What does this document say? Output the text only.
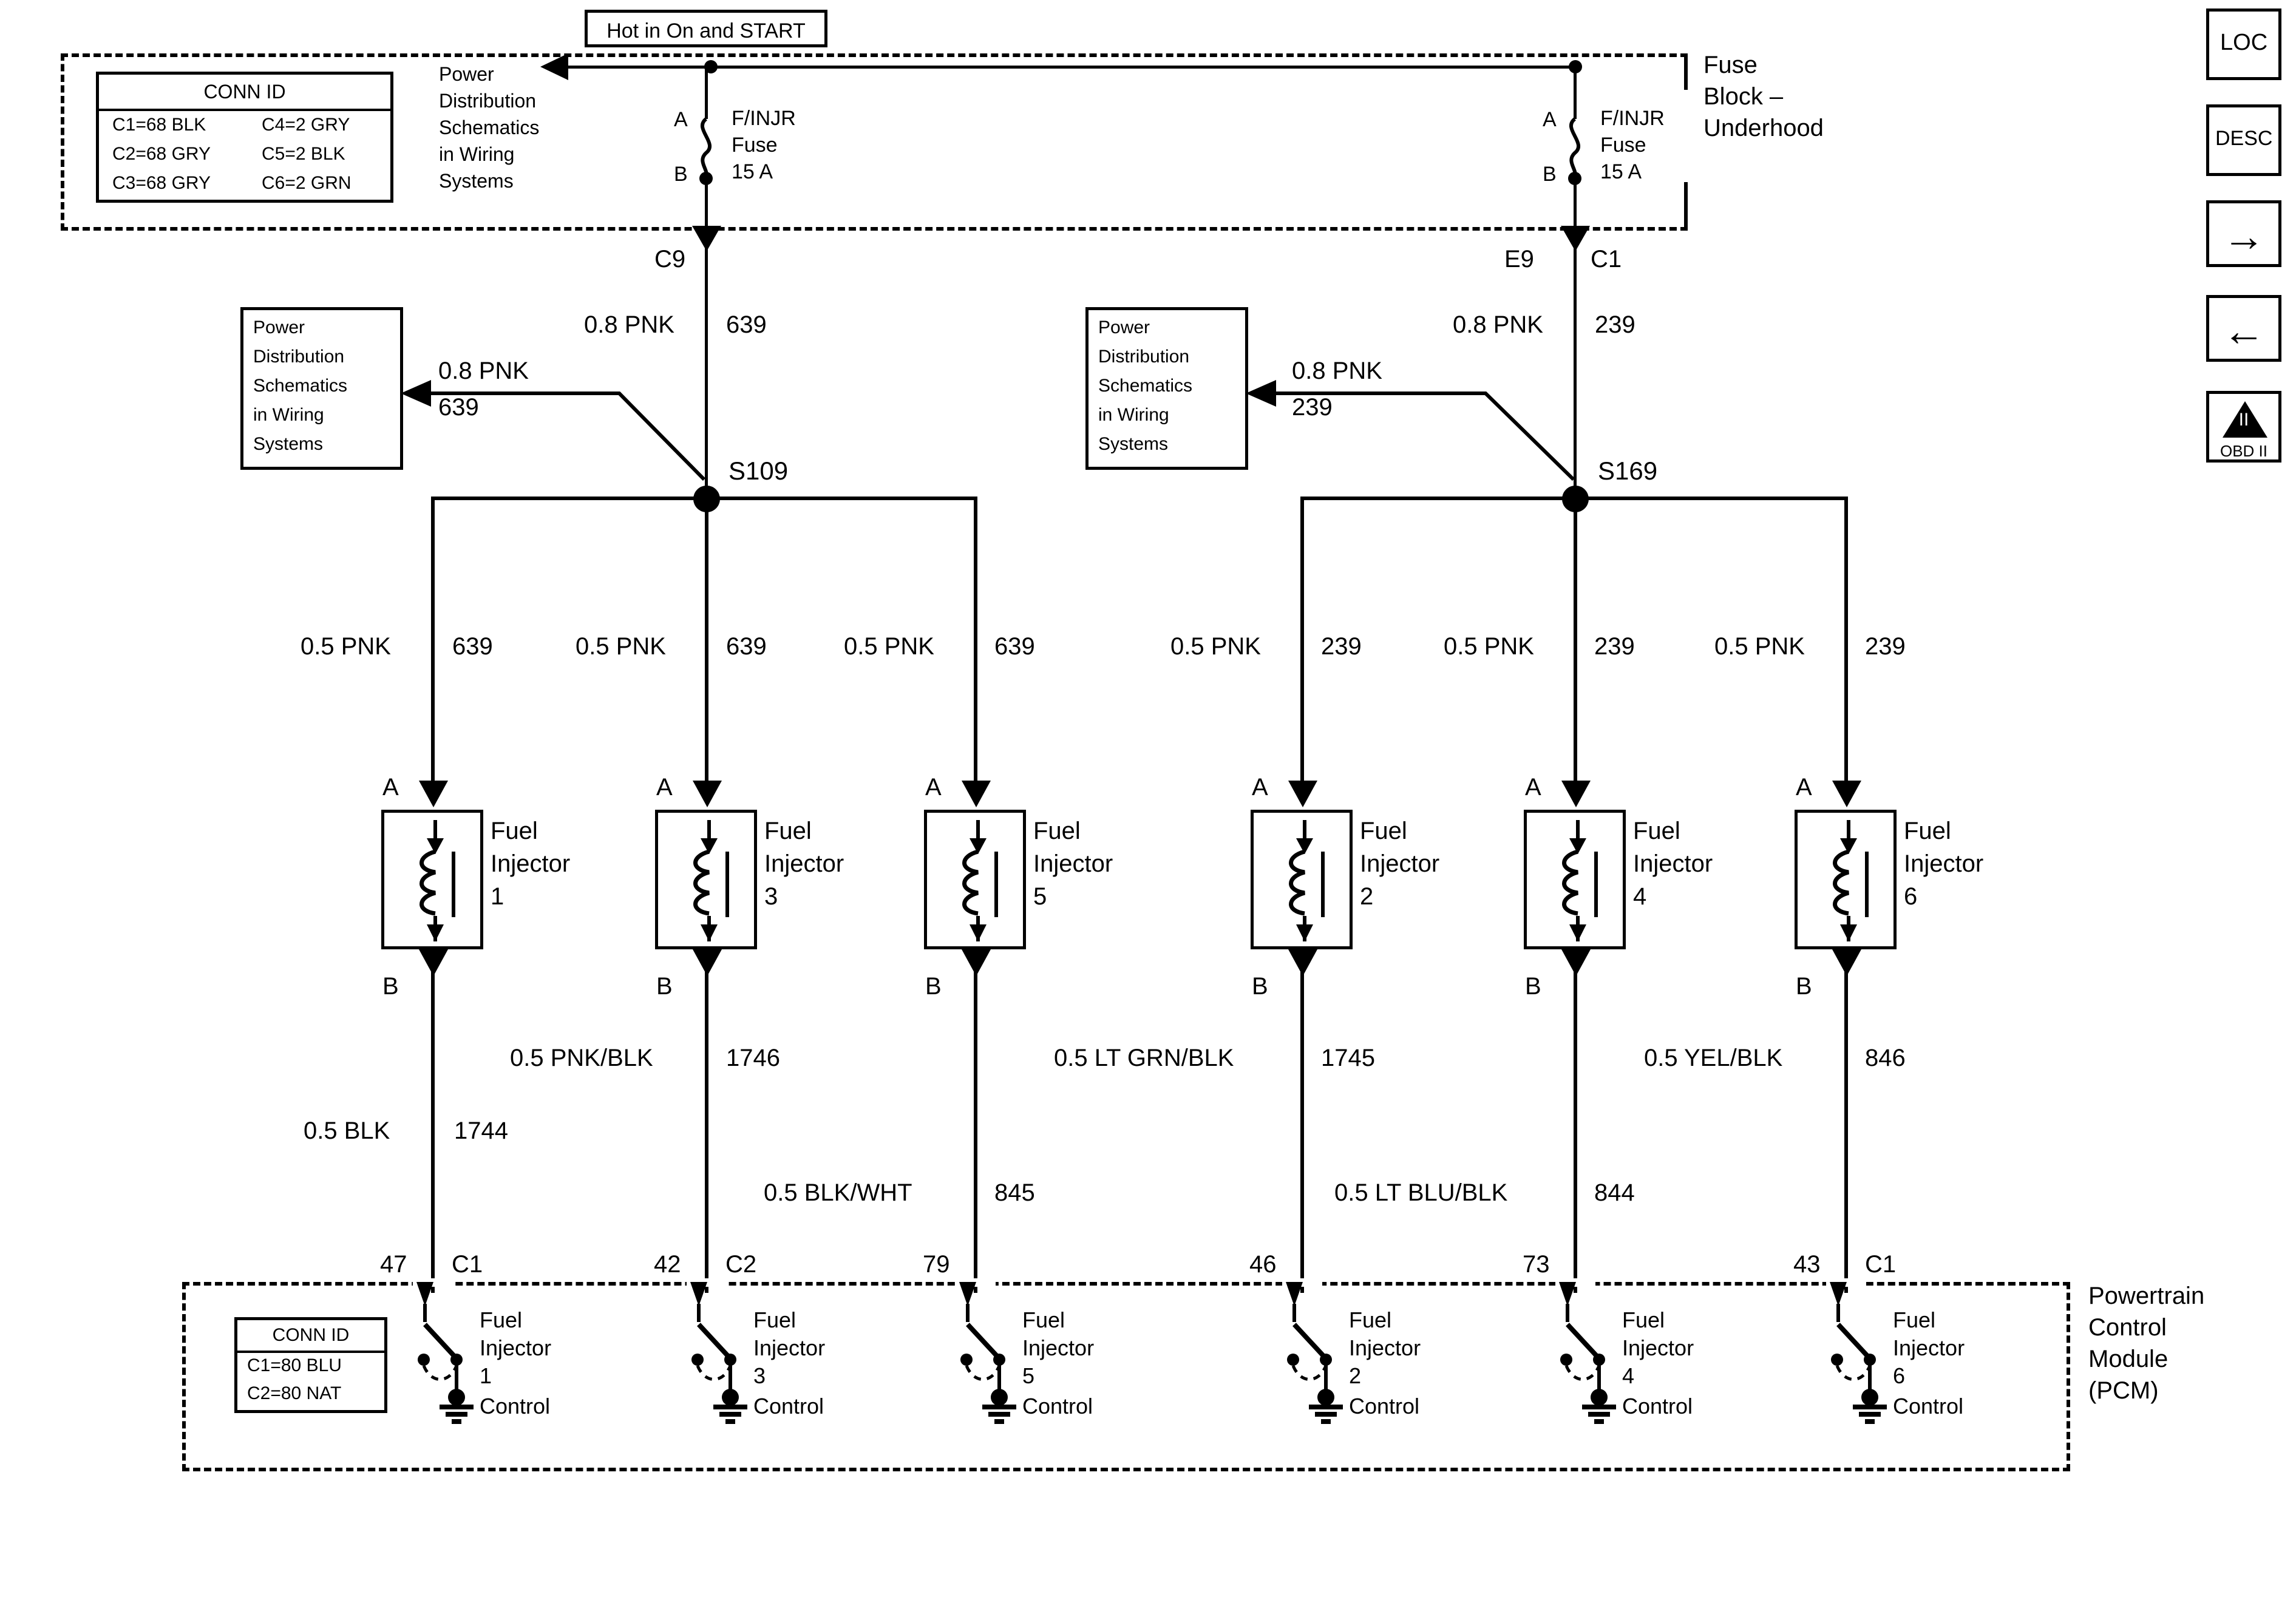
Hot in On and START
Fuse
Block –
Underhood
CONN ID
C1=68 BLK	C4=2 GRY
C2=68 GRY	C5=2 BLK
C3=68 GRY	C6=2 GRN
Power
Distribution
Schematics
in Wiring
Systems
A
B
F/INJR
Fuse
15 A
C9
A
B
F/INJR
Fuse
15 A
E9 C1
0.8 PNK 639	0.8 PNK 239
Power
Distribution
Schematics
in Wiring
Systems
0.8 PNK
639
Power
Distribution
Schematics
in Wiring
Systems
0.8 PNK
239
S109	S169
0.5 PNK	639	0.5 PNK 639	0.5 PNK 639	0.5 PNK 239	0.5 PNK 239	0.5 PNK 239
A
Fuel
Injector
1
B
A
Fuel
Injector
3
B
A
Fuel
Injector
5
B
A
Fuel
Injector
2
B
A
Fuel
Injector
4
B
A
Fuel
Injector
6
B
0.5 BLK	1744
0.5 PNK/BLK	1746
0.5 BLK/WHT	845
0.5 LT GRN/BLK	1745
0.5 LT BLU/BLK	844
0.5 YEL/BLK	846
47 C1	42 C2	79	46	73	43 C1
Powertrain
Control
Module
(PCM)
CONN ID
C1=80 BLU
C2=80 NAT
Fuel
Injector
1
Control
Fuel
Injector
3
Control
Fuel
Injector
5
Control
Fuel
Injector
2
Control
Fuel
Injector
4
Control
Fuel
Injector
6
Control
LOC
DESC
→
←
II
OBD II
